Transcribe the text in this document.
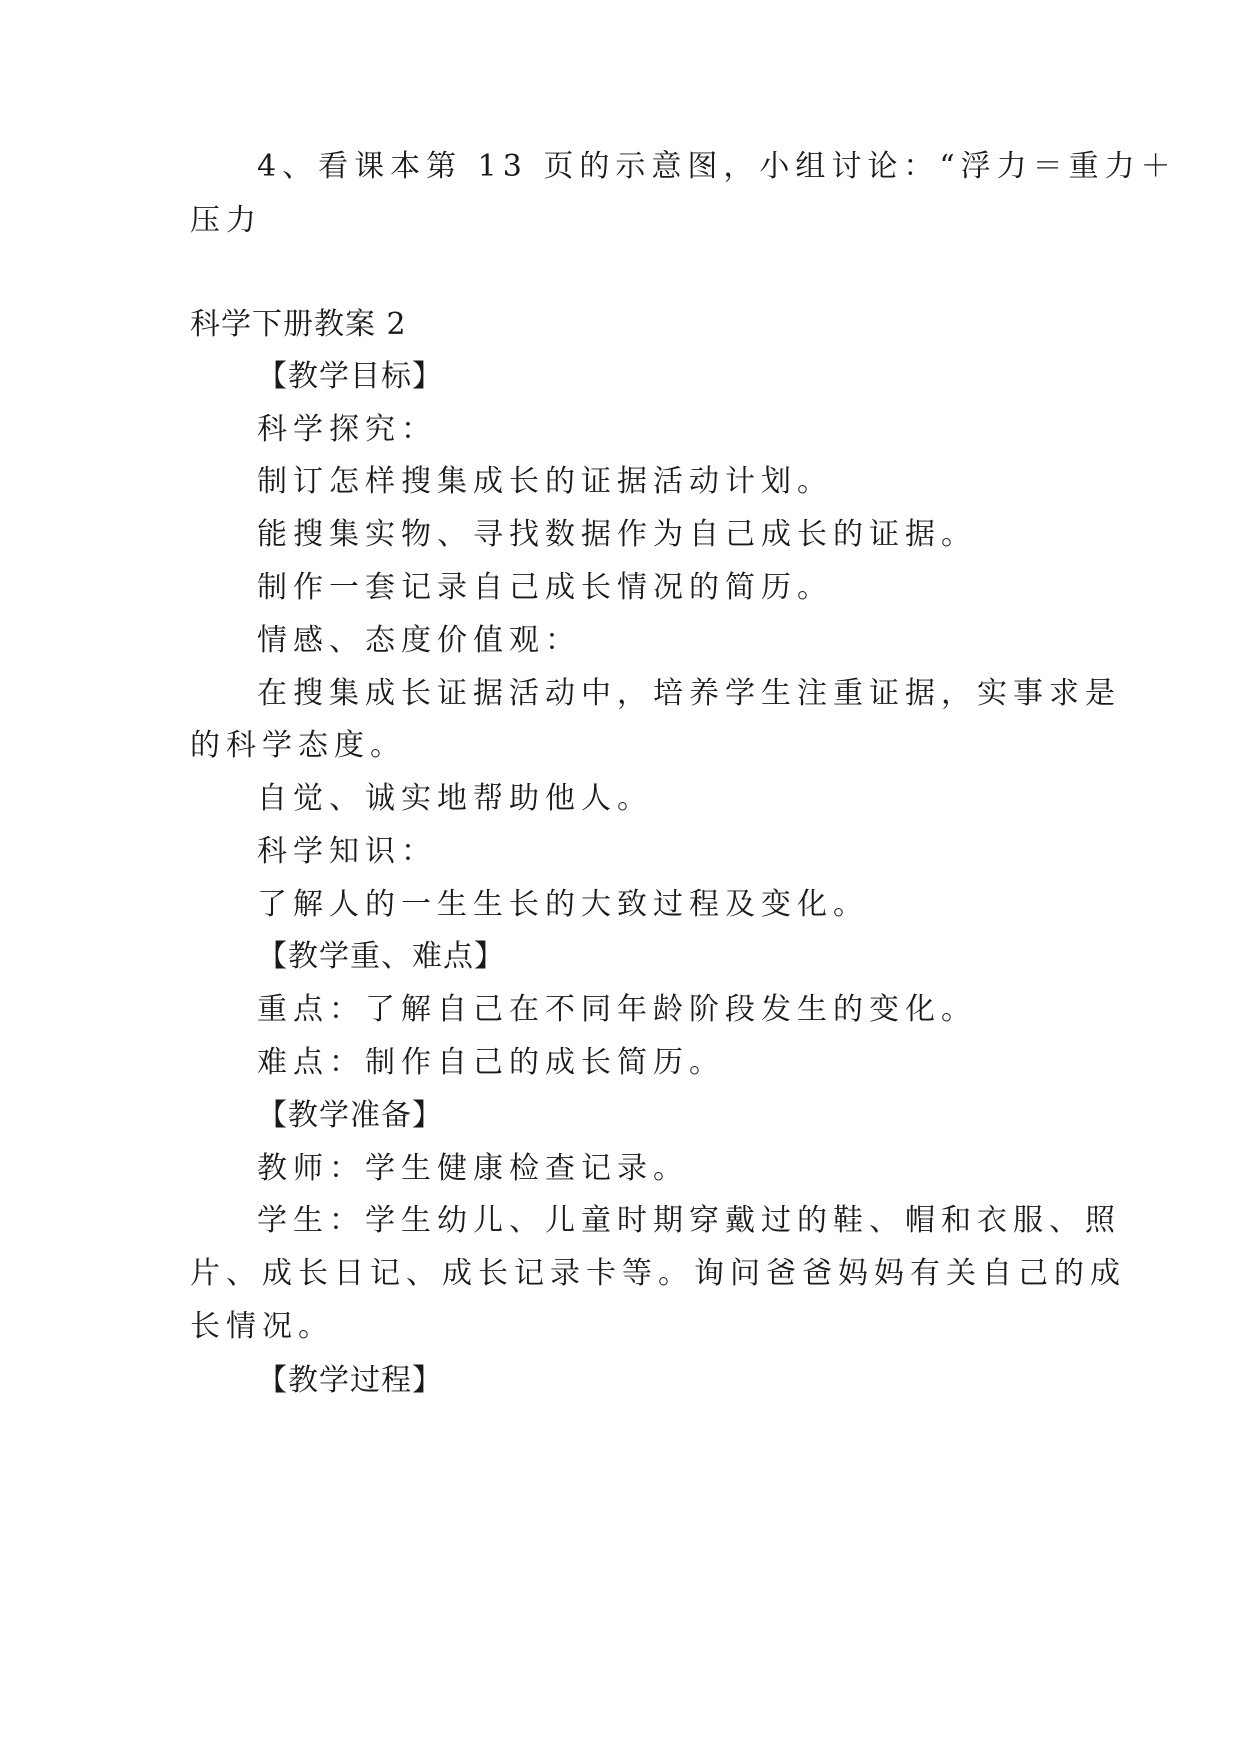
4、看课本第 13 页的示意图，小组讨论：“浮力＝重力＋
压力
科学下册教案 2
【教学目标】
科学探究：
制订怎样搜集成长的证据活动计划。
能搜集实物、寻找数据作为自己成长的证据。
制作一套记录自己成长情况的简历。
情感、态度价值观：
在搜集成长证据活动中，培养学生注重证据，实事求是
的科学态度。
自觉、诚实地帮助他人。
科学知识：
了解人的一生生长的大致过程及变化。
【教学重、难点】
重点：了解自己在不同年龄阶段发生的变化。
难点：制作自己的成长简历。
【教学准备】
教师：学生健康检查记录。
学生：学生幼儿、儿童时期穿戴过的鞋、帽和衣服、照
片、成长日记、成长记录卡等。询问爸爸妈妈有关自己的成
长情况。
【教学过程】
